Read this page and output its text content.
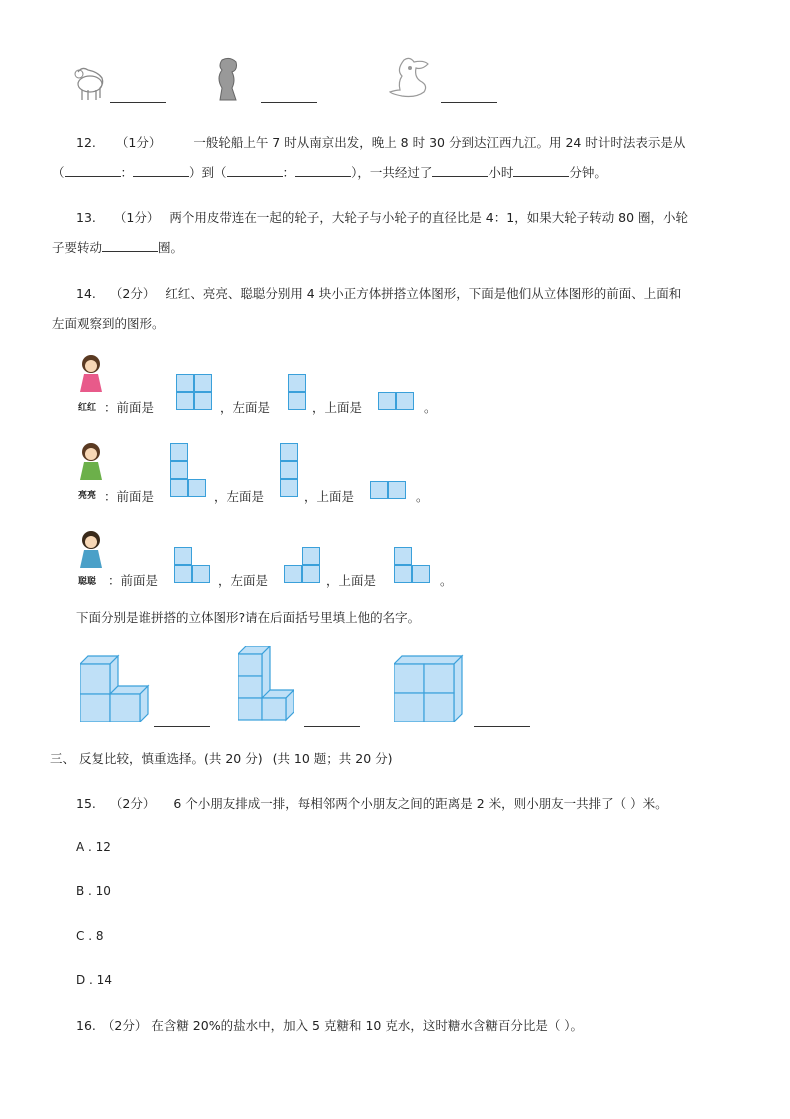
12. （1分）	一般轮船上午 7 时从南京出发，晚上 8 时 30 分到达江西九江。用 24 时计时法表示是从
（	：	）到（	：	），一共经过了	小时	分钟。
13. （1分） 两个用皮带连在一起的轮子，大轮子与小轮子的直径比是 4：1，如果大轮子转动 80 圈，小轮
子要转动	圈。
14. （2分） 红红、亮亮、聪聪分别用 4 块小正方体拼搭立体图形，下面是他们从立体图形的前面、上面和
左面观察到的图形。
红红 ：前面是	，左面是	，上面是	。
亮亮 ：前面是	，左面是	，上面是	。
聪聪 ：前面是	，左面是	，上面是	。
下面分别是谁拼搭的立体图形?请在后面括号里填上他的名字。
三、 反复比较，慎重选择。(共 20 分) (共 10 题；共 20 分)
15. （2分） 6 个小朋友排成一排，每相邻两个小朋友之间的距离是 2 米，则小朋友一共排了（ ）米。
A . 12
B . 10
C . 8
D . 14
16. （2分） 在含糖 20%的盐水中，加入 5 克糖和 10 克水，这时糖水含糖百分比是（ ）。
